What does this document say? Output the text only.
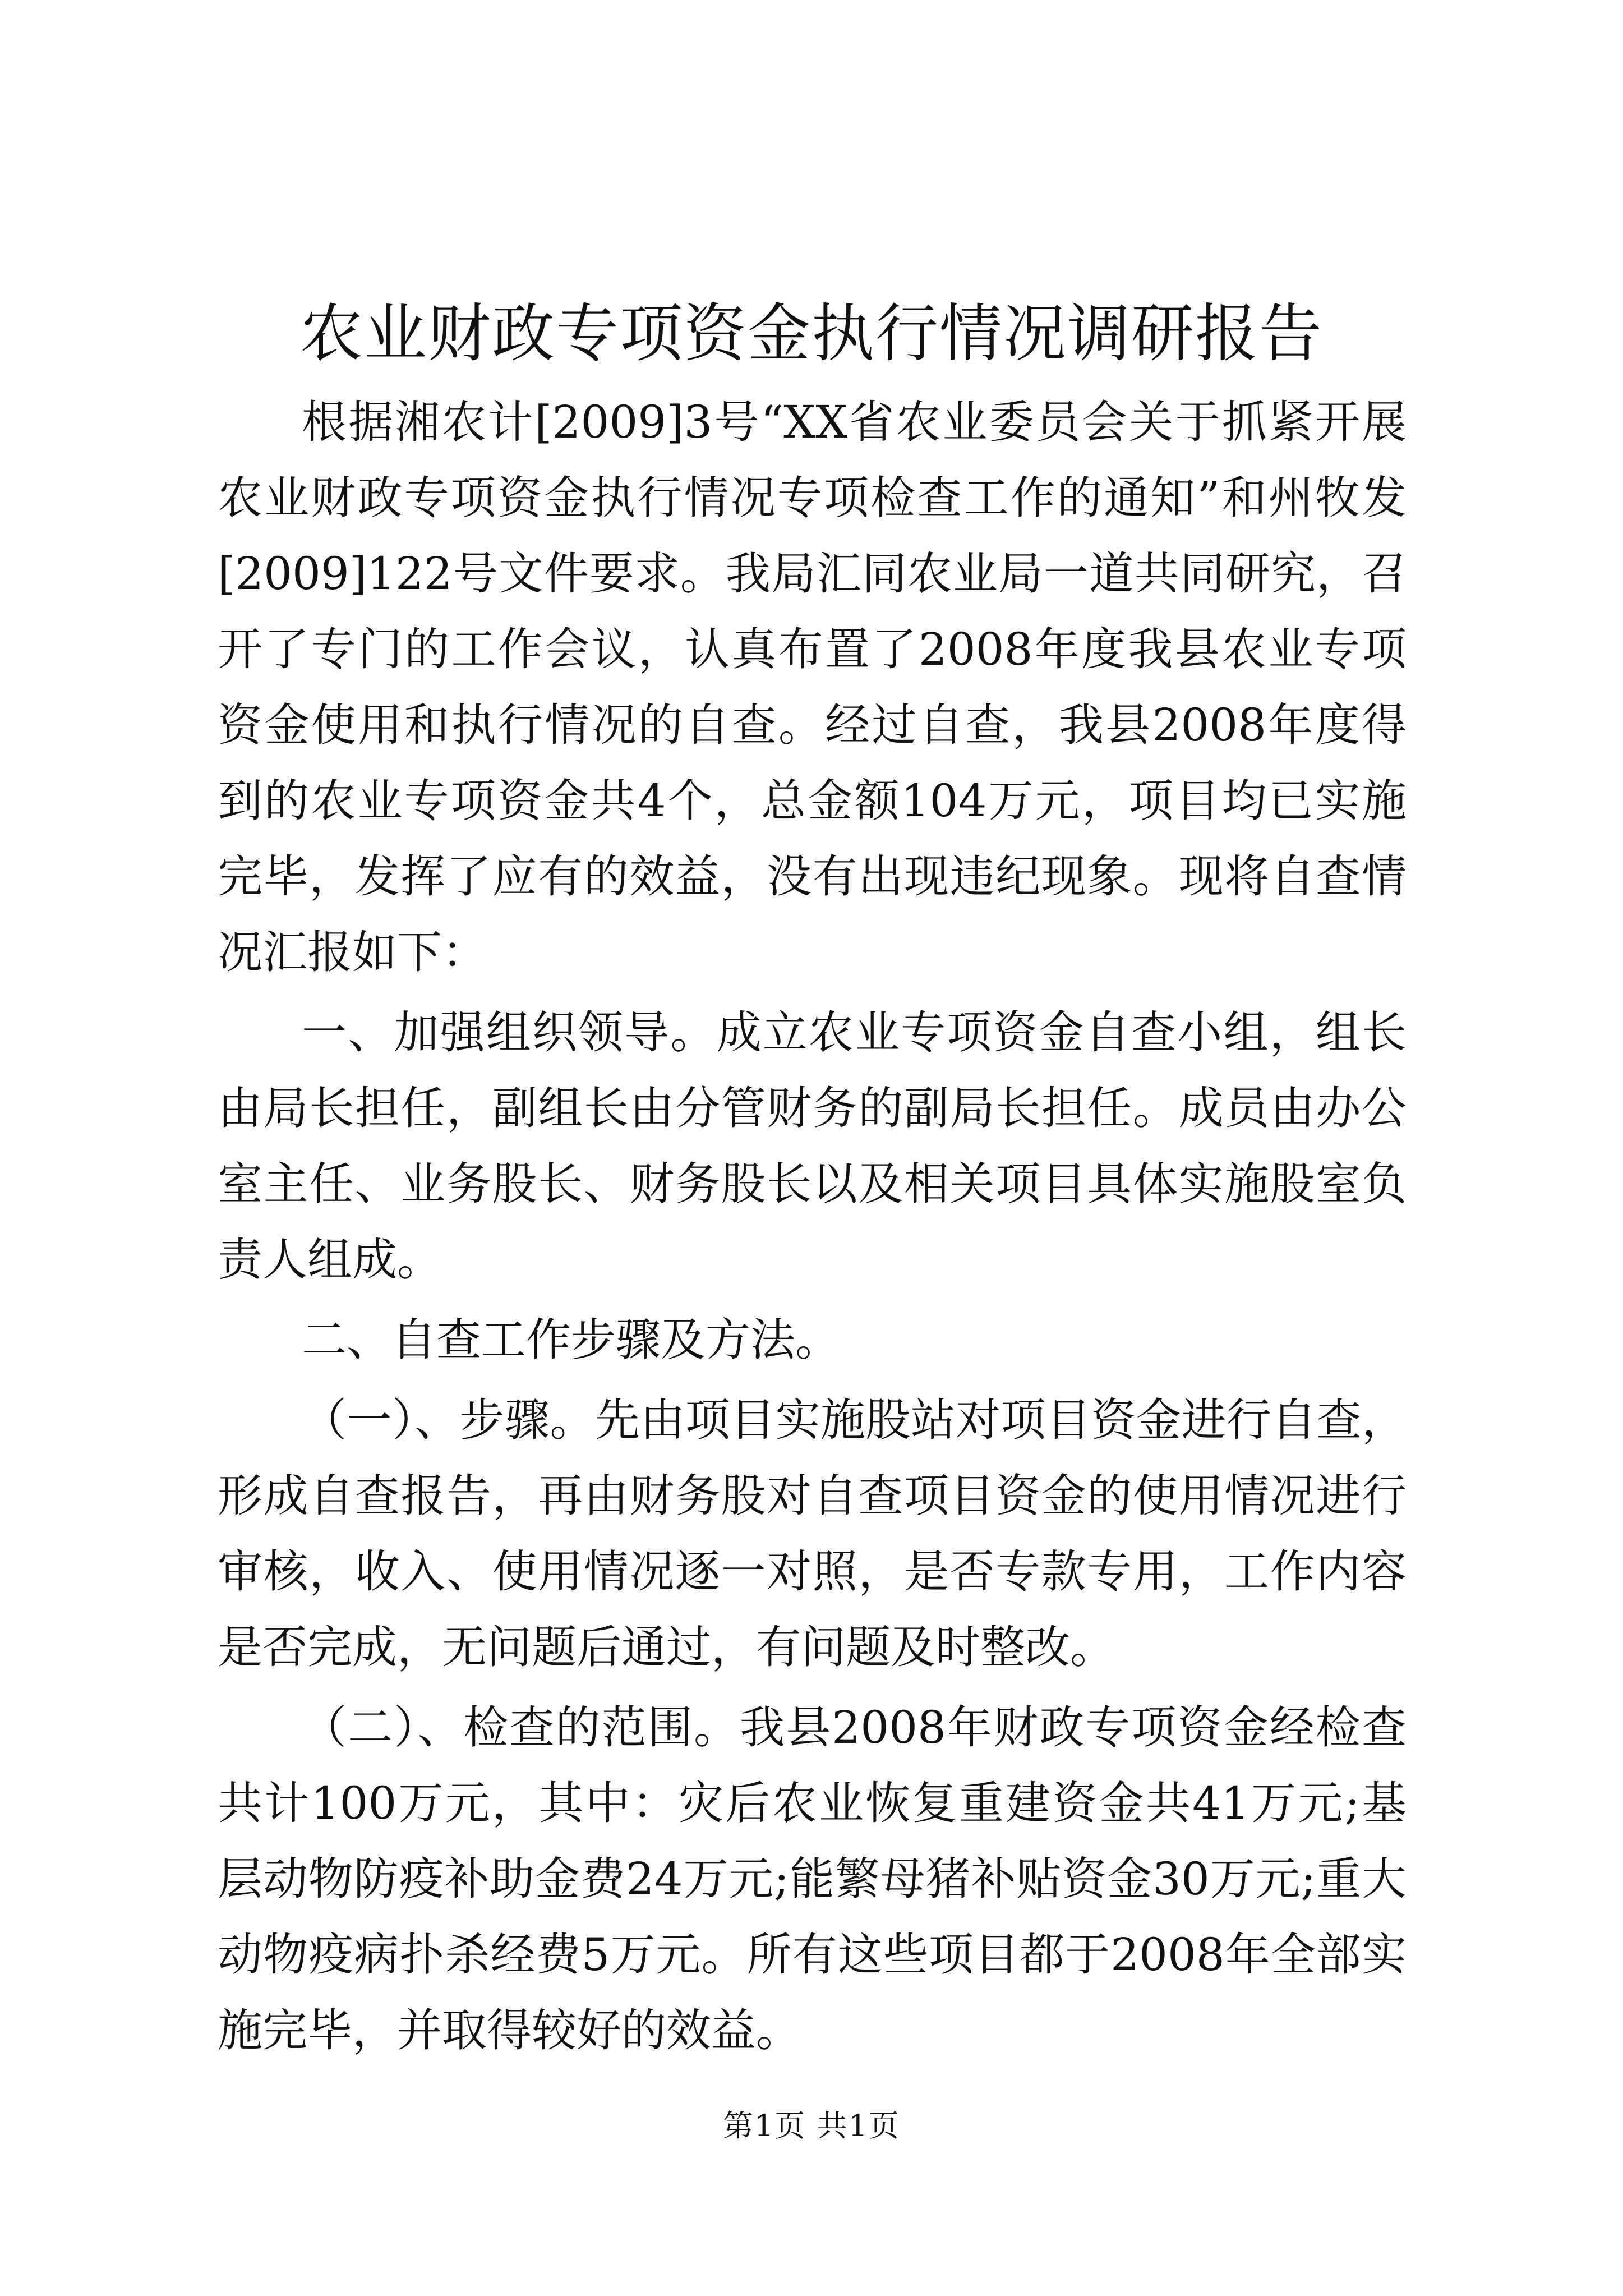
农业财政专项资金执行情况调研报告

根据湘农计[2009]3号“XX省农业委员会关于抓紧开展农业财政专项资金执行情况专项检查工作的通知”和州牧发[2009]122号文件要求。我局汇同农业局一道共同研究，召开了专门的工作会议，认真布置了2008年度我县农业专项资金使用和执行情况的自查。经过自查，我县2008年度得到的农业专项资金共4个，总金额104万元，项目均已实施完毕，发挥了应有的效益，没有出现违纪现象。现将自查情况汇报如下：

一、加强组织领导。成立农业专项资金自查小组，组长由局长担任，副组长由分管财务的副局长担任。成员由办公室主任、业务股长、财务股长以及相关项目具体实施股室负责人组成。

二、自查工作步骤及方法。

（一）、步骤。先由项目实施股站对项目资金进行自查，形成自查报告，再由财务股对自查项目资金的使用情况进行审核，收入、使用情况逐一对照，是否专款专用，工作内容是否完成，无问题后通过，有问题及时整改。

（二）、检查的范围。我县2008年财政专项资金经检查共计100万元，其中：灾后农业恢复重建资金共41万元;基层动物防疫补助金费24万元;能繁母猪补贴资金30万元;重大动物疫病扑杀经费5万元。所有这些项目都于2008年全部实施完毕，并取得较好的效益。

第1页 共1页
